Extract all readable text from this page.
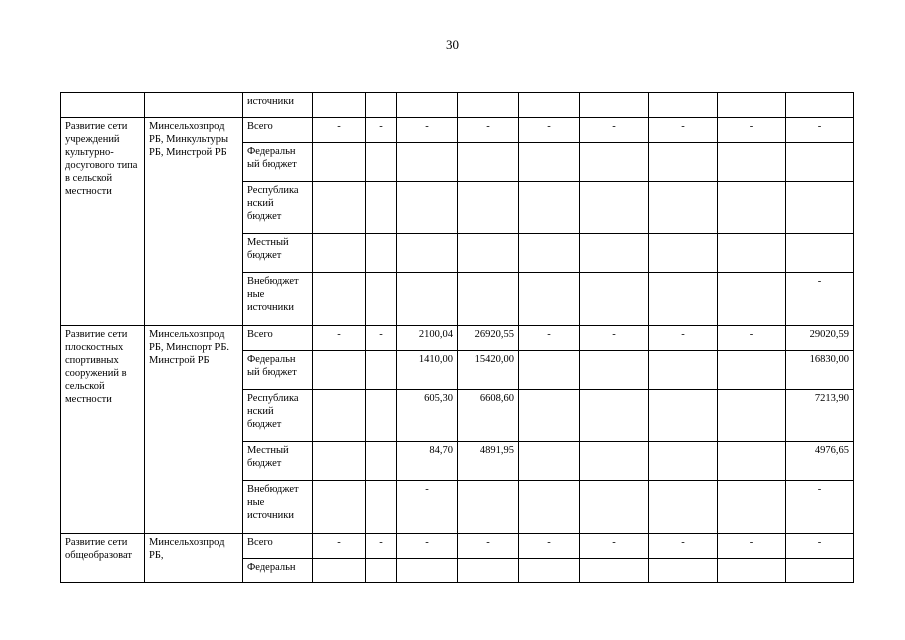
30
		источники									
Развитие сети учреждений культурно-досугового типа в сельской местности	Минсельхозпрод РБ, Минкультуры РБ, Минстрой РБ	Всего	-	-	-	-	-	-	-	-	-
		Федеральн ый бюджет									
		Республика нский бюджет									
		Местный бюджет									
		Внебюджет ные источники									-
Развитие сети плоскостных спортивных сооружений в сельской местности	Минсельхозпрод РБ, Минспорт РБ. Минстрой РБ	Всего	-	-	2100,04	26920,55	-	-	-	-	29020,59
		Федеральн ый бюджет			1410,00	15420,00					16830,00
		Республика нский бюджет			605,30	6608,60					7213,90
		Местный бюджет			84,70	4891,95					4976,65
		Внебюджет ные источники			-						-
Развитие сети общеобразоват	Минсельхозпрод РБ,	Всего	-	-	-	-	-	-	-	-	-
		Федеральн									
